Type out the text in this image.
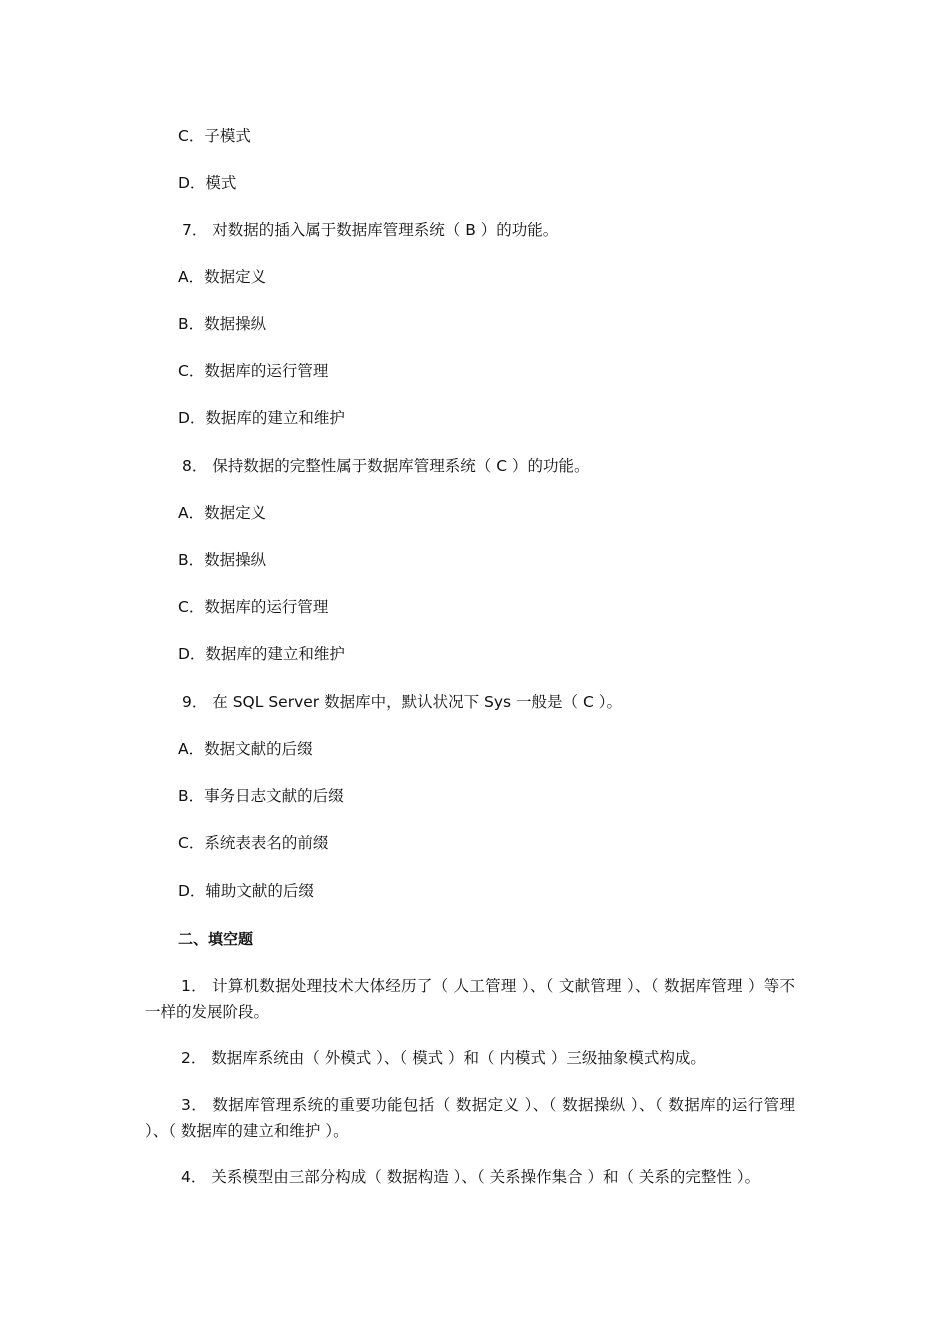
C．子模式
D．模式
7． 对数据的插入属于数据库管理系统（ B ）的功能。
A．数据定义
B．数据操纵
C．数据库的运行管理
D．数据库的建立和维护
8． 保持数据的完整性属于数据库管理系统（ C ）的功能。
A．数据定义
B．数据操纵
C．数据库的运行管理
D．数据库的建立和维护
9． 在 SQL Server 数据库中，默认状况下 Sys 一般是（ C ）。
A．数据文献的后缀
B．事务日志文献的后缀
C．系统表表名的前缀
D．辅助文献的后缀
二、填空题
1． 计算机数据处理技术大体经历了（ 人工管理 ）、（ 文献管理 ）、（ 数据库管理 ）等不一样的发展阶段。
2． 数据库系统由（ 外模式 ）、（ 模式 ）和（ 内模式 ）三级抽象模式构成。
3． 数据库管理系统的重要功能包括（ 数据定义 ）、（ 数据操纵 ）、（ 数据库的运行管理 ）、（ 数据库的建立和维护 ）。
4． 关系模型由三部分构成（ 数据构造 ）、（ 关系操作集合 ）和（ 关系的完整性 ）。
